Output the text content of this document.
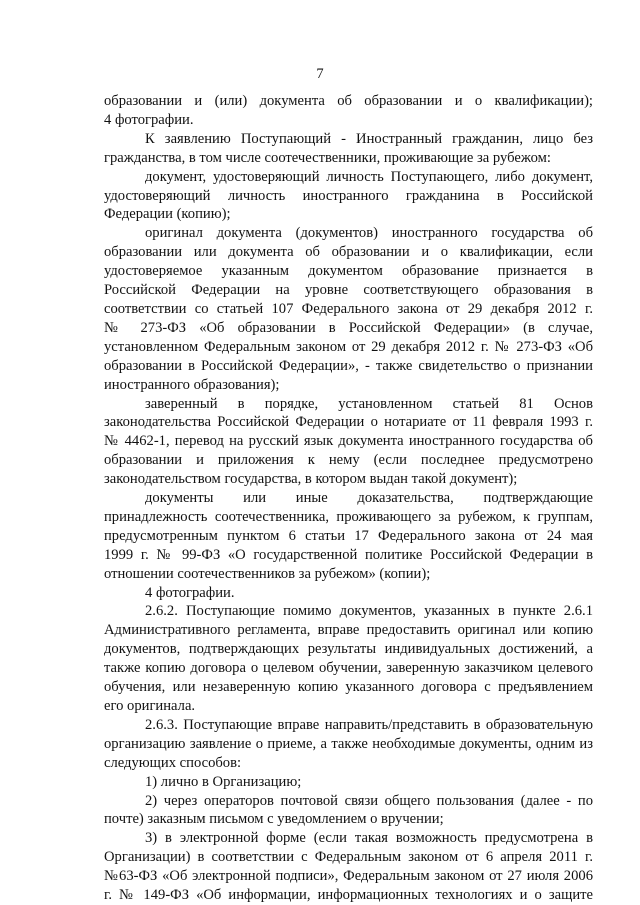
7
образовании и (или) документа об образовании и о квалификации);
4 фотографии.
К заявлению Поступающий - Иностранный гражданин, лицо без
гражданства, в том числе соотечественники, проживающие за рубежом:
документ, удостоверяющий личность Поступающего, либо документ,
удостоверяющий личность иностранного гражданина в Российской
Федерации (копию);
оригинал документа (документов) иностранного государства об
образовании или документа об образовании и о квалификации, если
удостоверяемое указанным документом образование признается в
Российской Федерации на уровне соответствующего образования в
соответствии со статьей 107 Федерального закона от 29 декабря 2012 г.
№ 273-ФЗ «Об образовании в Российской Федерации» (в случае,
установленном Федеральным законом от 29 декабря 2012 г. № 273-ФЗ «Об
образовании в Российской Федерации», - также свидетельство о признании
иностранного образования);
заверенный в порядке, установленном статьей 81 Основ
законодательства Российской Федерации о нотариате от 11 февраля 1993 г.
№ 4462-1, перевод на русский язык документа иностранного государства об
образовании и приложения к нему (если последнее предусмотрено
законодательством государства, в котором выдан такой документ);
документы или иные доказательства, подтверждающие
принадлежность соотечественника, проживающего за рубежом, к группам,
предусмотренным пунктом 6 статьи 17 Федерального закона от 24 мая
1999 г. № 99-ФЗ «О государственной политике Российской Федерации в
отношении соотечественников за рубежом» (копии);
4 фотографии.
2.6.2. Поступающие помимо документов, указанных в пункте 2.6.1
Административного регламента, вправе предоставить оригинал или копию
документов, подтверждающих результаты индивидуальных достижений, а
также копию договора о целевом обучении, заверенную заказчиком целевого
обучения, или незаверенную копию указанного договора с предъявлением
его оригинала.
2.6.3. Поступающие вправе направить/представить в образовательную
организацию заявление о приеме, а также необходимые документы, одним из
следующих способов:
1) лично в Организацию;
2) через операторов почтовой связи общего пользования (далее - по
почте) заказным письмом с уведомлением о вручении;
3) в электронной форме (если такая возможность предусмотрена в
Организации) в соответствии с Федеральным законом от 6 апреля 2011 г.
№63-ФЗ «Об электронной подписи», Федеральным законом от 27 июля 2006
г. № 149-ФЗ «Об информации, информационных технологиях и о защите
